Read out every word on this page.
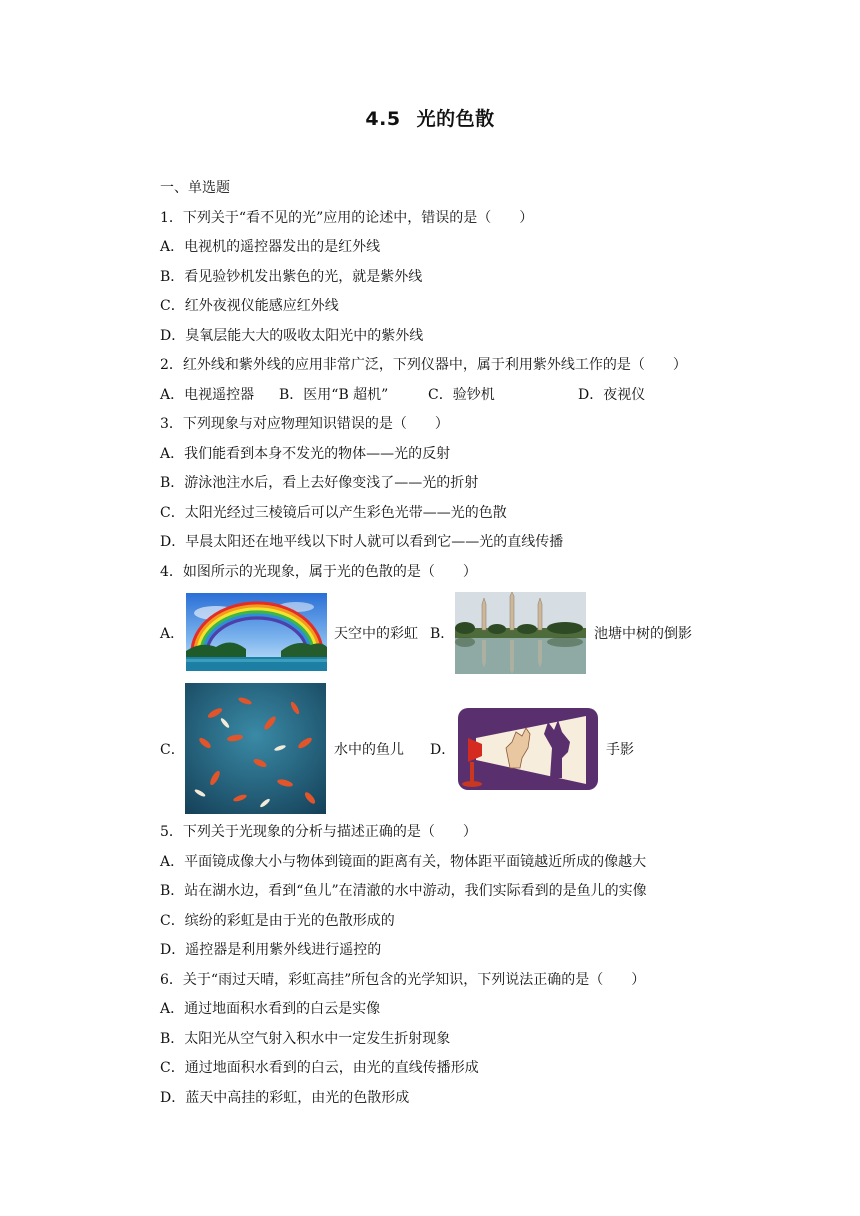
4.5 光的色散
一、单选题
1．下列关于“看不见的光”应用的论述中，错误的是（　　）
A．电视机的遥控器发出的是红外线
B．看见验钞机发出紫色的光，就是紫外线
C．红外夜视仪能感应红外线
D．臭氧层能大大的吸收太阳光中的紫外线
2．红外线和紫外线的应用非常广泛，下列仪器中，属于利用紫外线工作的是（　　）
A．电视遥控器 B．医用“B 超机”	C．验钞机	D．夜视仪
3．下列现象与对应物理知识错误的是（　　）
A．我们能看到本身不发光的物体——光的反射
B．游泳池注水后，看上去好像变浅了——光的折射
C．太阳光经过三棱镜后可以产生彩色光带——光的色散
D．早晨太阳还在地平线以下时人就可以看到它——光的直线传播
4．如图所示的光现象，属于光的色散的是（　　）
A．	天空中的彩虹 B．	池塘中树的倒影
C．	水中的鱼儿 D．	手影
5．下列关于光现象的分析与描述正确的是（　　）
A．平面镜成像大小与物体到镜面的距离有关，物体距平面镜越近所成的像越大
B．站在湖水边，看到“鱼儿”在清澈的水中游动，我们实际看到的是鱼儿的实像
C．缤纷的彩虹是由于光的色散形成的
D．遥控器是利用紫外线进行遥控的
6．关于“雨过天晴，彩虹高挂”所包含的光学知识，下列说法正确的是（　　）
A．通过地面积水看到的白云是实像
B．太阳光从空气射入积水中一定发生折射现象
C．通过地面积水看到的白云，由光的直线传播形成
D．蓝天中高挂的彩虹，由光的色散形成
